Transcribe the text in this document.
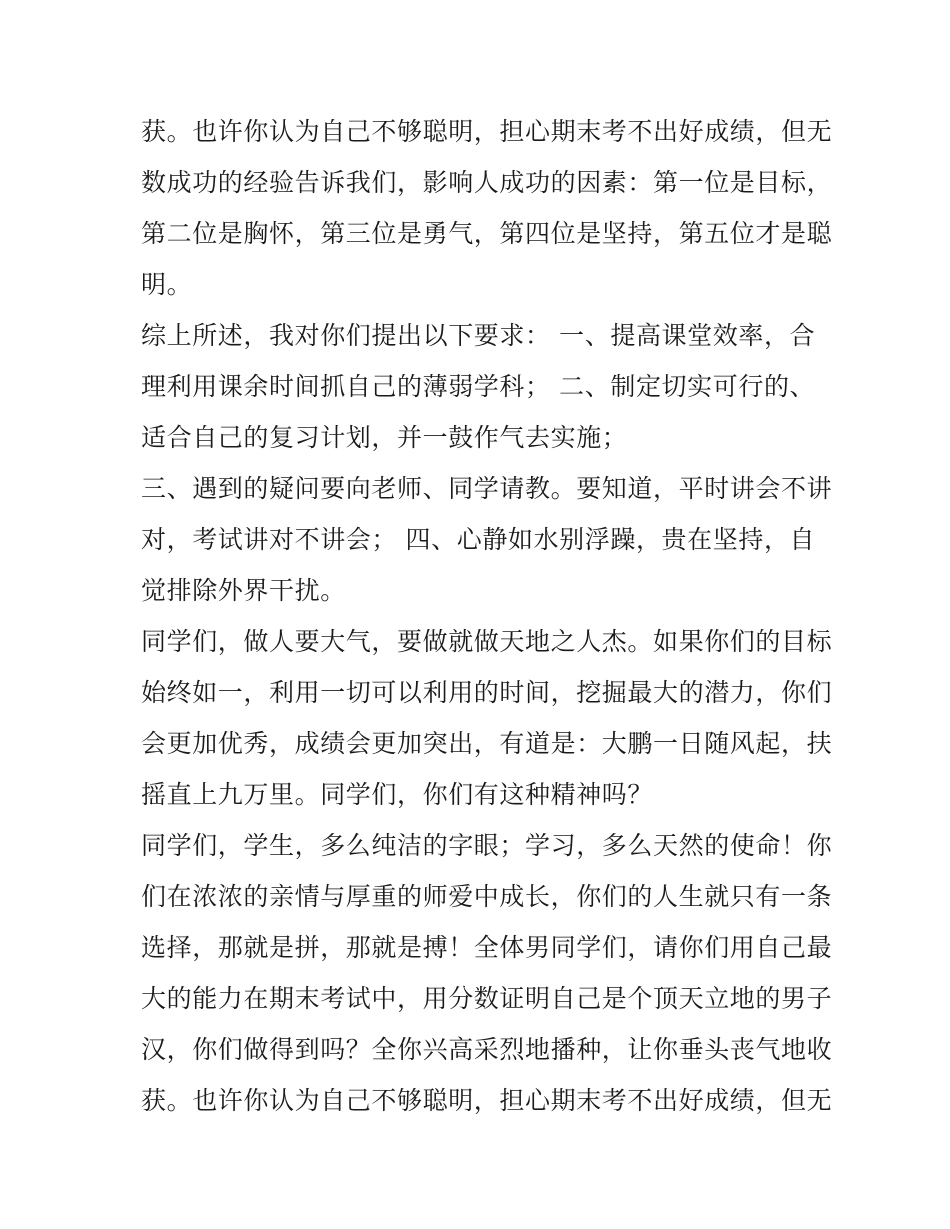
获。也许你认为自己不够聪明，担心期末考不出好成绩，但无
数成功的经验告诉我们，影响人成功的因素：第一位是目标，
第二位是胸怀，第三位是勇气，第四位是坚持，第五位才是聪
明。
综上所述，我对你们提出以下要求： 一、提高课堂效率，合
理利用课余时间抓自己的薄弱学科； 二、制定切实可行的、
适合自己的复习计划，并一鼓作气去实施；
三、遇到的疑问要向老师、同学请教。要知道，平时讲会不讲
对，考试讲对不讲会； 四、心静如水别浮躁，贵在坚持，自
觉排除外界干扰。
同学们，做人要大气，要做就做天地之人杰。如果你们的目标
始终如一，利用一切可以利用的时间，挖掘最大的潜力，你们
会更加优秀，成绩会更加突出，有道是：大鹏一日随风起，扶
摇直上九万里。同学们，你们有这种精神吗？
同学们，学生，多么纯洁的字眼；学习，多么天然的使命！你
们在浓浓的亲情与厚重的师爱中成长，你们的人生就只有一条
选择，那就是拼，那就是搏！全体男同学们，请你们用自己最
大的能力在期末考试中，用分数证明自己是个顶天立地的男子
汉，你们做得到吗？全你兴高采烈地播种，让你垂头丧气地收
获。也许你认为自己不够聪明，担心期末考不出好成绩，但无
